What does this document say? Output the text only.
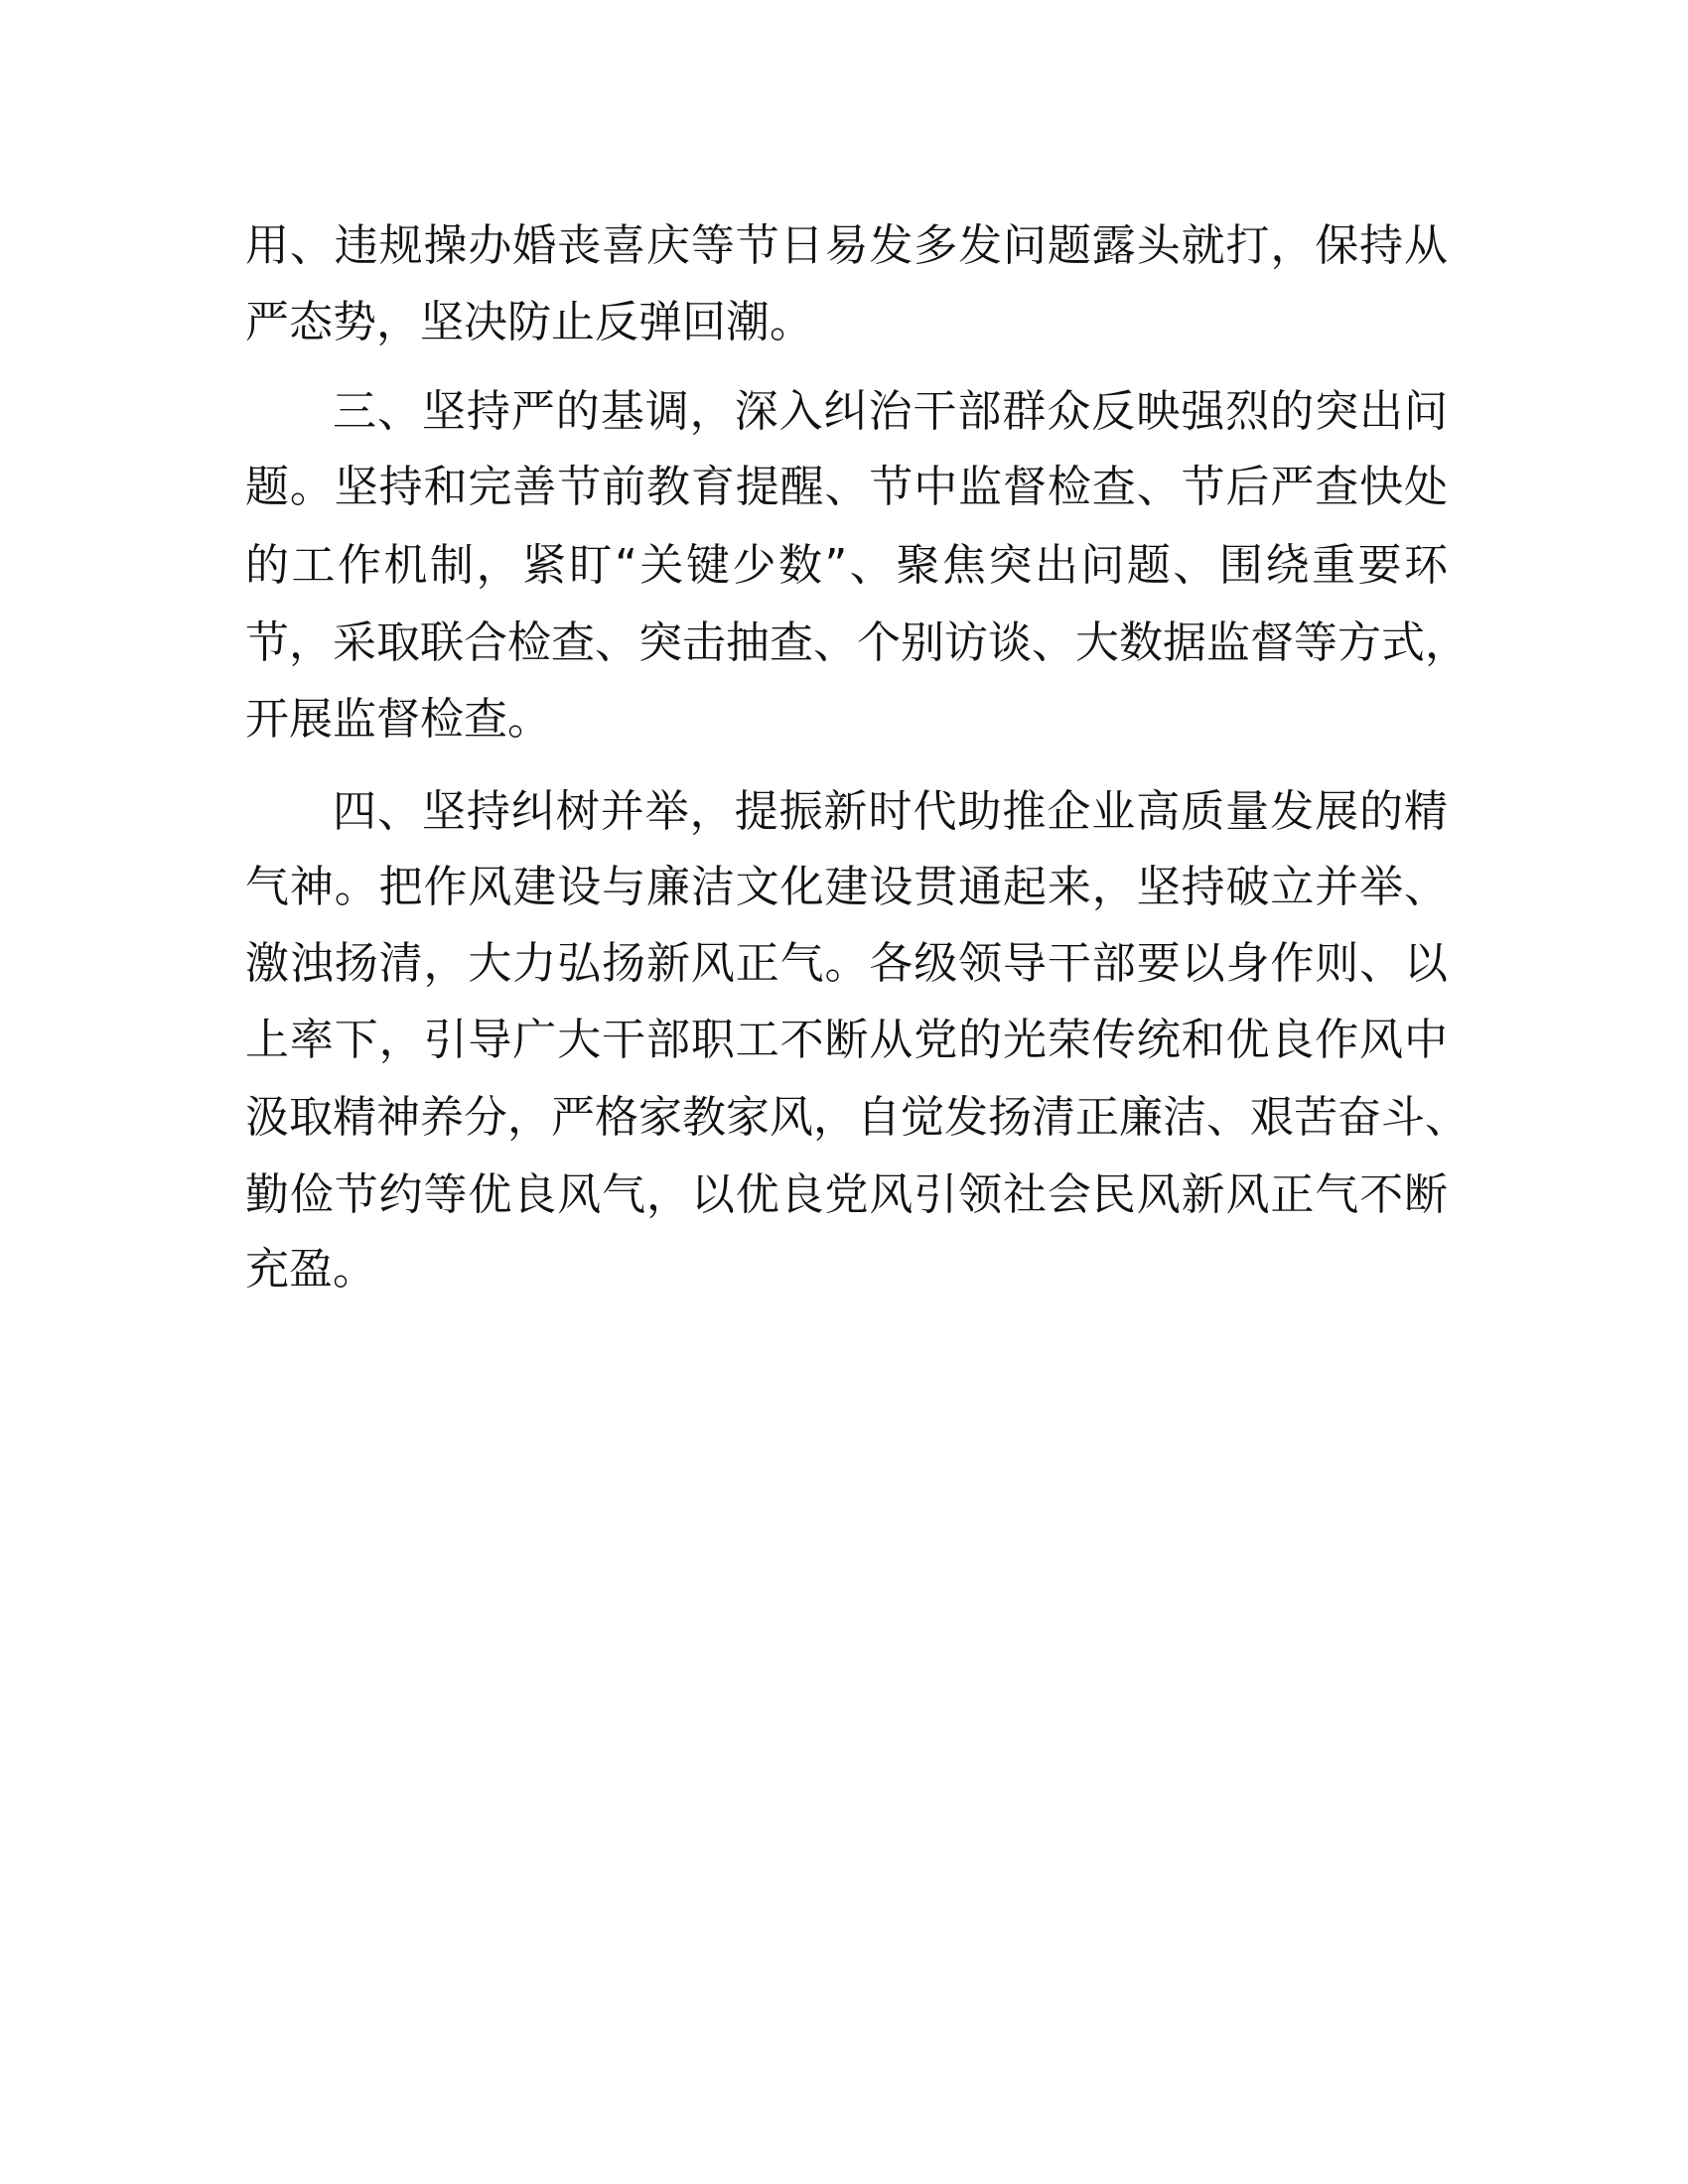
用、违规操办婚丧喜庆等节日易发多发问题露头就打，保持从
严态势，坚决防止反弹回潮。
三、坚持严的基调，深入纠治干部群众反映强烈的突出问
题。坚持和完善节前教育提醒、节中监督检查、节后严查快处
的工作机制，紧盯“关键少数”、聚焦突出问题、围绕重要环
节，采取联合检查、突击抽查、个别访谈、大数据监督等方式，
开展监督检查。
四、坚持纠树并举，提振新时代助推企业高质量发展的精
气神。把作风建设与廉洁文化建设贯通起来，坚持破立并举、
激浊扬清，大力弘扬新风正气。各级领导干部要以身作则、以
上率下，引导广大干部职工不断从党的光荣传统和优良作风中
汲取精神养分，严格家教家风，自觉发扬清正廉洁、艰苦奋斗、
勤俭节约等优良风气，以优良党风引领社会民风新风正气不断
充盈。
